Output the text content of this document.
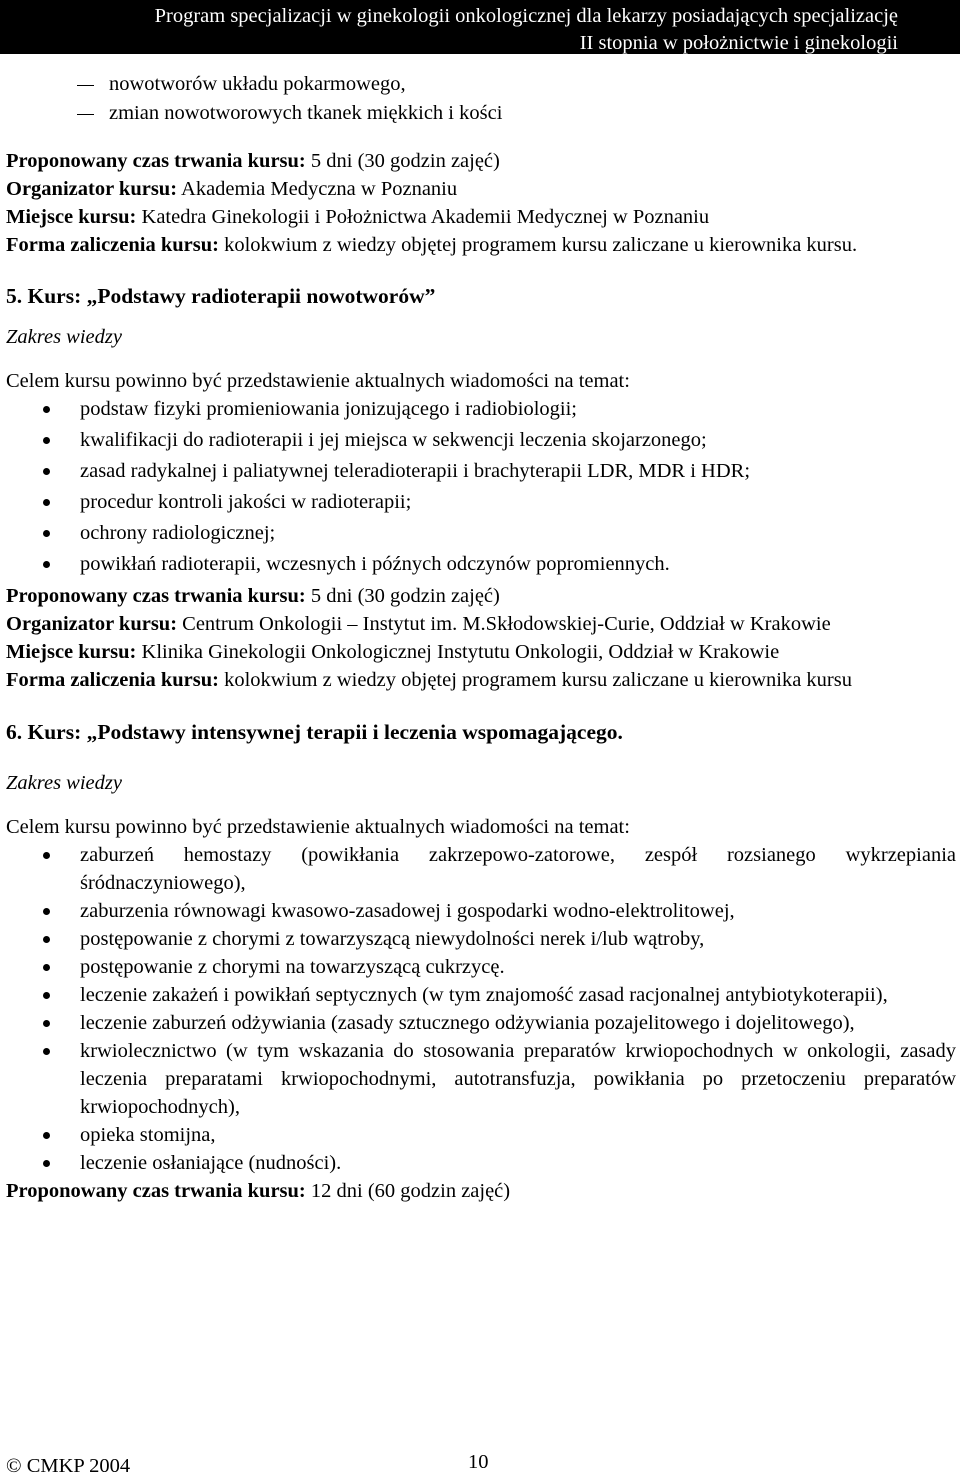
Program specjalizacji w ginekologii onkologicznej dla lekarzy posiadających specjalizację
II stopnia w położnictwie i ginekologii
nowotworów układu pokarmowego,
zmian nowotworowych tkanek miękkich i kości

Proponowany czas trwania kursu: 5 dni (30 godzin zajęć)

Organizator kursu: Akademia Medyczna w Poznaniu

Miejsce kursu: Katedra Ginekologii i Położnictwa Akademii Medycznej w Poznaniu

Forma zaliczenia kursu: kolokwium z wiedzy objętej programem kursu zaliczane u kierownika kursu.

5. Kurs: „Podstawy radioterapii nowotworów”
Zakres wiedzy
Celem kursu powinno być przedstawienie aktualnych wiadomości na temat:
podstaw fizyki promieniowania jonizującego i radiobiologii;
kwalifikacji do radioterapii i jej miejsca w sekwencji leczenia skojarzonego;
zasad radykalnej i paliatywnej teleradioterapii i brachyterapii LDR, MDR i HDR;
procedur kontroli jakości w radioterapii;
ochrony radiologicznej;
powikłań radioterapii, wczesnych i późnych odczynów popromiennych.

Proponowany czas trwania kursu: 5 dni (30 godzin zajęć)

Organizator kursu: Centrum Onkologii – Instytut im. M.Skłodowskiej-Curie, Oddział w Krakowie

Miejsce kursu: Klinika Ginekologii Onkologicznej Instytutu Onkologii, Oddział w Krakowie

Forma zaliczenia kursu: kolokwium z wiedzy objętej programem kursu zaliczane u kierownika kursu

6. Kurs: „Podstawy intensywnej terapii i leczenia wspomagającego.
Zakres wiedzy
Celem kursu powinno być przedstawienie aktualnych wiadomości na temat:
zaburzeń hemostazy (powikłania zakrzepowo-zatorowe, zespół rozsianego wykrzepiania śródnaczyniowego),
zaburzenia równowagi kwasowo-zasadowej i gospodarki wodno-elektrolitowej,
postępowanie z chorymi z towarzyszącą niewydolności nerek i/lub wątroby,
postępowanie z chorymi na towarzyszącą cukrzycę.
leczenie zakażeń i powikłań septycznych (w tym znajomość zasad racjonalnej antybiotykoterapii),
leczenie zaburzeń odżywiania (zasady sztucznego odżywiania pozajelitowego i dojelitowego),
krwiolecznictwo (w tym wskazania do stosowania preparatów krwiopochodnych w onkologii, zasady leczenia preparatami krwiopochodnymi, autotransfuzja, powikłania po przetoczeniu preparatów krwiopochodnych),
opieka stomijna,
leczenie osłaniające (nudności).

Proponowany czas trwania kursu: 12 dni (60 godzin zajęć)

© CMKP 2004	10
